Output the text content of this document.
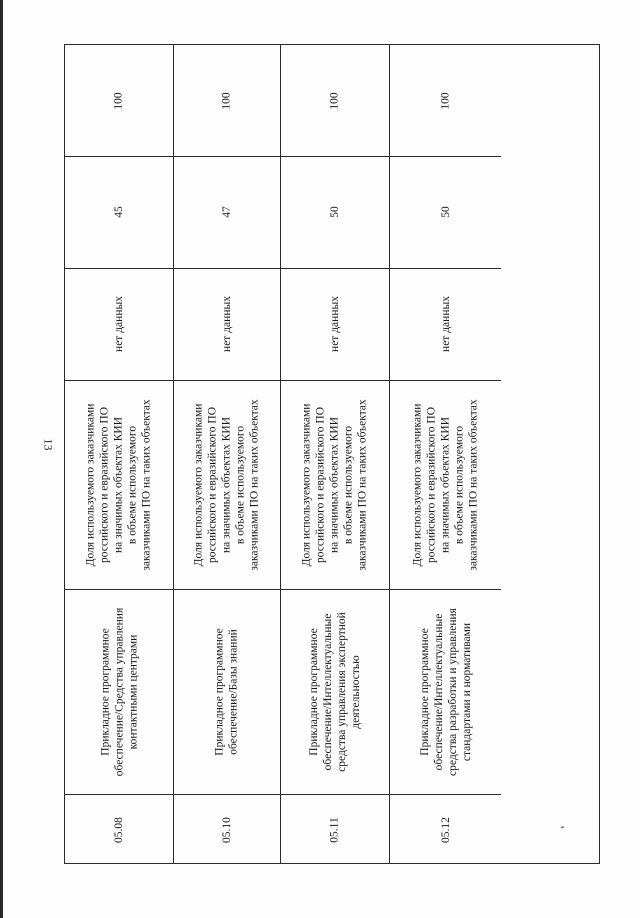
13
,
100
45
нет данных
Доля используемого заказчиками
российского и евразийского ПО
на значимых объектах КИИ
в объеме используемого
заказчиками ПО на таких объектах
Прикладное программное
обеспечение/Средства управления
контактными центрами
05.08
100
47
нет данных
Доля используемого заказчиками
российского и евразийского ПО
на значимых объектах КИИ
в объеме используемого
заказчиками ПО на таких объектах
Прикладное программное
обеспечение/Базы знаний
05.10
100
50
нет данных
Доля используемого заказчиками
российского и евразийского ПО
на значимых объектах КИИ
в объеме используемого
заказчиками ПО на таких объектах
Прикладное программное
обеспечение/Интеллектуальные
средства управления экспертной
деятельностью
05.11
100
50
нет данных
Доля используемого заказчиками
российского и евразийского ПО
на значимых объектах КИИ
в объеме используемого
заказчиками ПО на таких объектах
Прикладное программное
обеспечение/Интеллектуальные
средства разработки и управления
стандартами и нормативами
05.12
